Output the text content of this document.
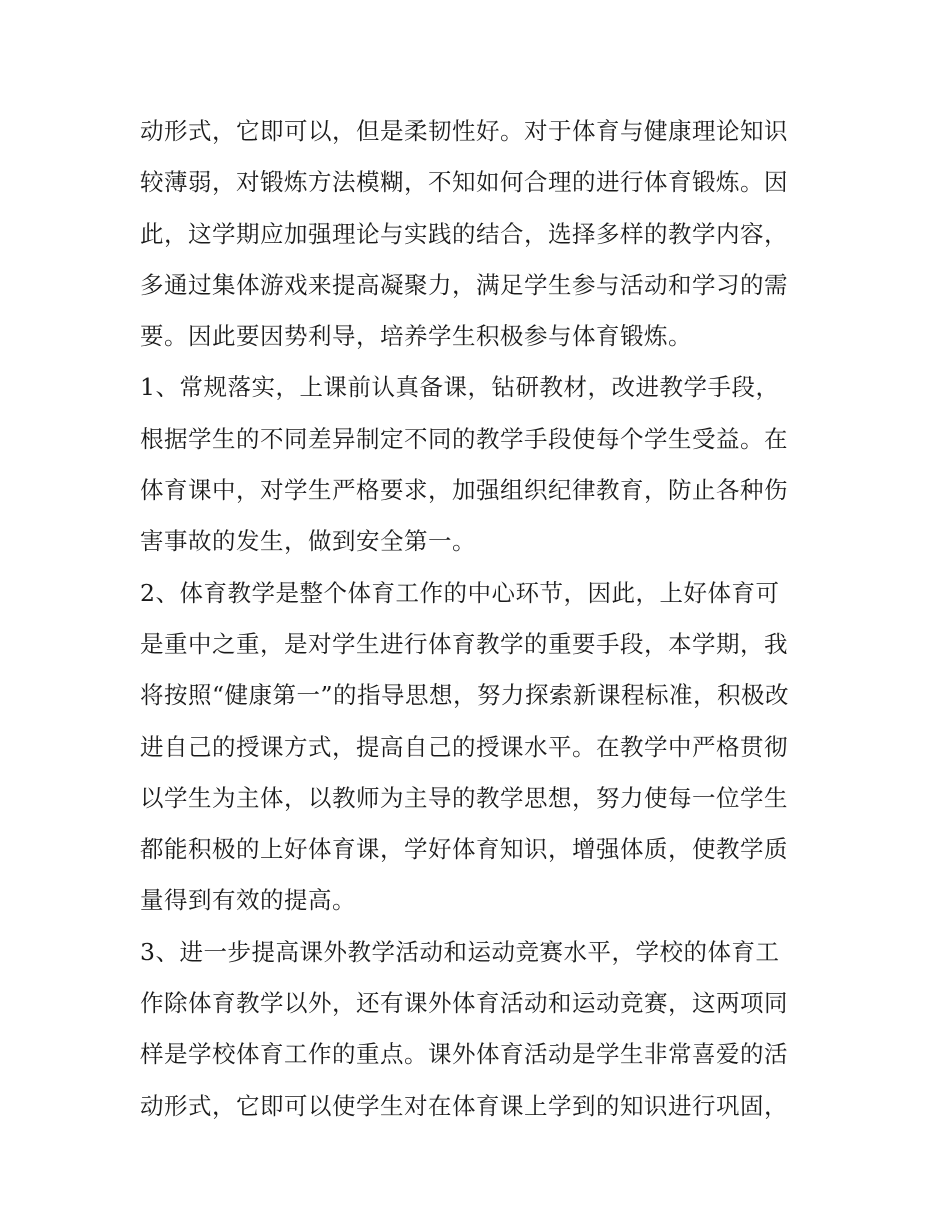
动形式，它即可以，但是柔韧性好。对于体育与健康理论知识
较薄弱，对锻炼方法模糊，不知如何合理的进行体育锻炼。因
此，这学期应加强理论与实践的结合，选择多样的教学内容，
多通过集体游戏来提高凝聚力，满足学生参与活动和学习的需
要。因此要因势利导，培养学生积极参与体育锻炼。
1、常规落实，上课前认真备课，钻研教材，改进教学手段，
根据学生的不同差异制定不同的教学手段使每个学生受益。在
体育课中，对学生严格要求，加强组织纪律教育，防止各种伤
害事故的发生，做到安全第一。
2、体育教学是整个体育工作的中心环节，因此，上好体育可
是重中之重，是对学生进行体育教学的重要手段，本学期，我
将按照“健康第一”的指导思想，努力探索新课程标准，积极改
进自己的授课方式，提高自己的授课水平。在教学中严格贯彻
以学生为主体，以教师为主导的教学思想，努力使每一位学生
都能积极的上好体育课，学好体育知识，增强体质，使教学质
量得到有效的提高。
3、进一步提高课外教学活动和运动竞赛水平，学校的体育工
作除体育教学以外，还有课外体育活动和运动竞赛，这两项同
样是学校体育工作的重点。课外体育活动是学生非常喜爱的活
动形式，它即可以使学生对在体育课上学到的知识进行巩固，
